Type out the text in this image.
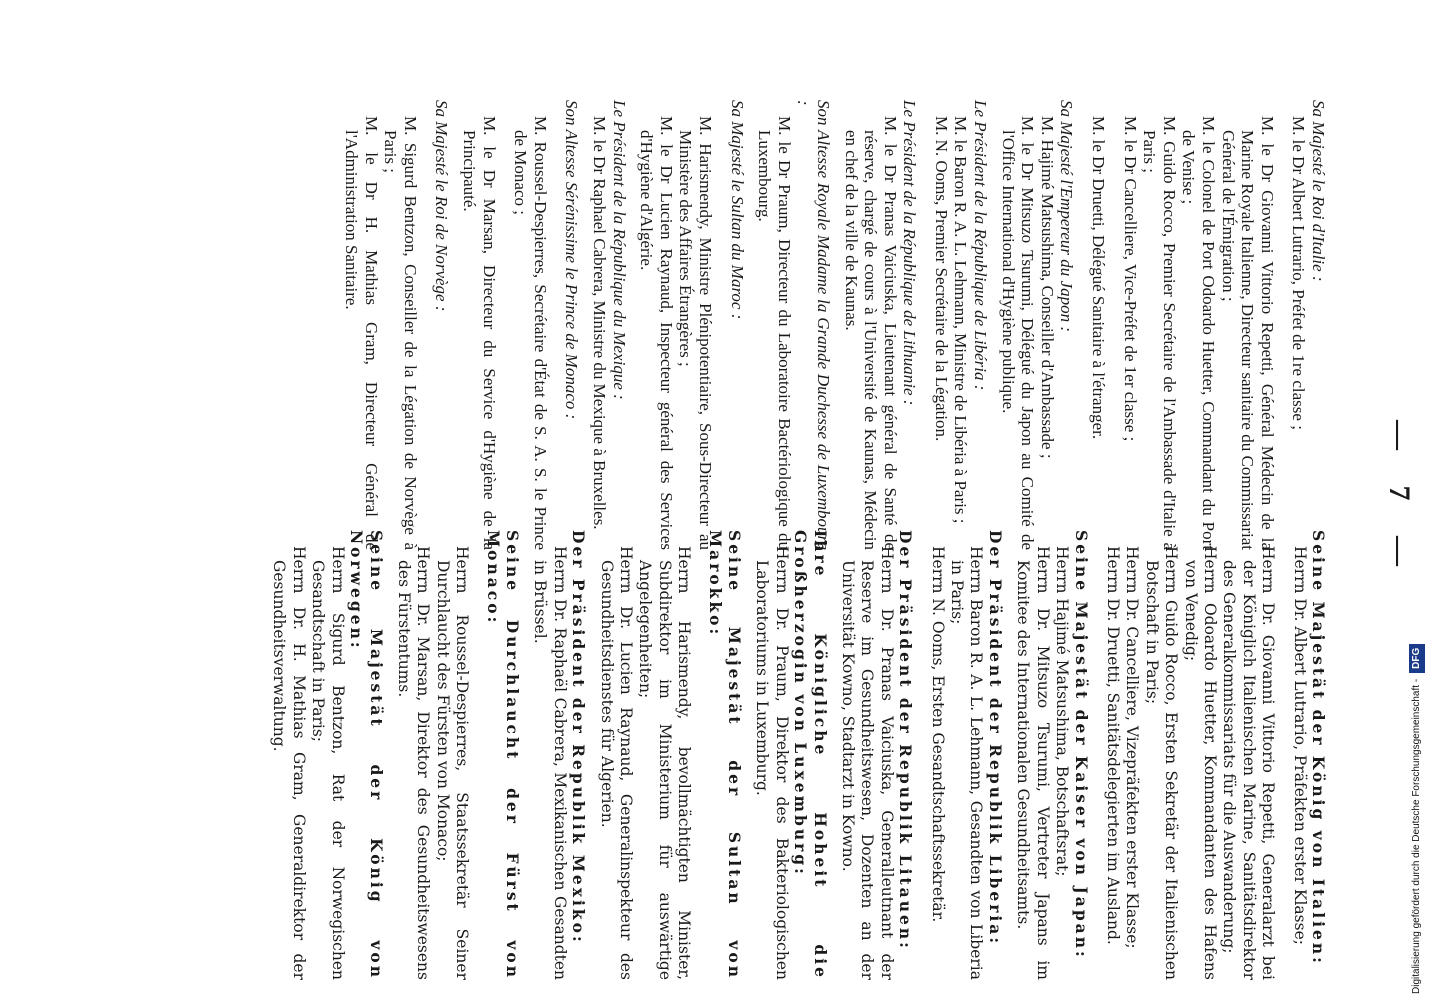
— 7 —

Sa Majesté le Roi d'Italie :

M. le Dr Albert Lutrario, Préfet de 1re classe ;

M. le Dr Giovanni Vittorio Repetti, Général Médecin de la Marine Royale Italienne, Directeur sanitaire du Commissariat Général de l'Émigration ;

M. le Colonel de Port Odoardo Huetter, Commandant du Port de Venise ;

M. Guido Rocco, Premier Secrétaire de l'Ambassade d'Italie à Paris ;

M. le Dr Cancelliere, Vice-Préfet de 1er classe ;

M. le Dr Druetti, Délégué Sanitaire à l'étranger.

Sa Majesté l'Empereur du Japon :

M. Hajimé Matsushima, Conseiller d'Ambassade ;

M. le Dr Mitsuzo Tsurumi, Délégué du Japon au Comité de l'Office International d'Hygiène publique.

Le Président de la République de Libéria :

M. le Baron R. A. L. Lehmann, Ministre de Libéria à Paris ;

M. N. Ooms, Premier Secrétaire de la Légation.

Le Président de la République de Lithuanie :

M. le Dr Pranas Vaiciuska, Lieutenant général de Santé de réserve, chargé de cours à l'Université de Kaunas, Médecin en chef de la ville de Kaunas.

Son Altesse Royale Madame la Grande Duchesse de Luxembourg :

M. le Dr Praum, Directeur du Laboratoire Bactériologique du Luxembourg.

Sa Majesté le Sultan du Maroc :

M. Harismendy, Ministre Plénipotentiaire, Sous-Directeur au Ministère des Affaires Étrangères ;

M. le Dr Lucien Raynaud, Inspecteur général des Services d'Hygiène d'Algérie.

Le Président de la République du Mexique :

M. le Dr Raphael Cabrera, Ministre du Mexique à Bruxelles.

Son Altesse Sérénissime le Prince de Monaco :

M. Roussel-Despierres, Secrétaire d'État de S. A. S. le Prince de Monaco ;

M. le Dr Marsan, Directeur du Service d'Hygiène de la Principauté.

Sa Majesté le Roi de Norvège :

M. Sigurd Bentzon, Conseiller de la Légation de Norvège à Paris ;

M. le Dr H. Mathias Gram, Directeur Général de l'Administration Sanitaire.

Seine Majestät der König von Italien:

Herrn Dr. Albert Lutrario, Präfekten erster Klasse;

Herrn Dr. Giovanni Vittorio Repetti, Generalarzt bei der Königlich Italienischen Marine, Sanitätsdirektor des Generalkommissariats für die Auswanderung;

Herrn Odoardo Huetter, Kommandanten des Hafens von Venedig;

Herrn Guido Rocco, Ersten Sekretär der Italienischen Botschaft in Paris;

Herrn Dr. Cancelliere, Vizepräfekten erster Klasse;

Herrn Dr. Druetti, Sanitätsdelegierten im Ausland.

Seine Majestät der Kaiser von Japan:

Herrn Hajimé Matsushima, Botschaftsrat;

Herrn Dr. Mitsuzo Tsurumi, Vertreter Japans im Komitee des Internationalen Gesundheitsamts.

Der Präsident der Republik Liberia:

Herrn Baron R. A. L. Lehmann, Gesandten von Liberia in Paris;

Herrn N. Ooms, Ersten Gesandtschaftssekretär.

Der Präsident der Republik Litauen:

Herrn Dr. Pranas Vaiciuska, Generalleutnant der Reserve im Gesundheitswesen, Dozenten an der Universität Kowno, Stadtarzt in Kowno.

Ihre Königliche Hoheit die Großherzogin von Luxemburg:

Herrn Dr. Praum, Direktor des Bakteriologischen Laboratoriums in Luxemburg.

Seine Majestät der Sultan von Marokko:

Herrn Harismendy, bevollmächtigten Minister, Subdirektor im Ministerium für auswärtige Angelegenheiten;

Herrn Dr. Lucien Raynaud, Generalinspekteur des Gesundheitsdienstes für Algerien.

Der Präsident der Republik Mexiko:

Herrn Dr. Raphaël Cabrera, Mexikanischen Gesandten in Brüssel.

Seine Durchlaucht der Fürst von Monaco:

Herrn Roussel-Despierres, Staatssekretär Seiner Durchlaucht des Fürsten von Monaco;

Herrn Dr. Marsan, Direktor des Gesundheitswesens des Fürstentums.

Seine Majestät der König von Norwegen:

Herrn Sigurd Bentzon, Rat der Norwegischen Gesandtschaft in Paris;

Herrn Dr. H. Mathias Gram, Generaldirektor der Gesundheitsverwaltung.

Digitalisierung gefördert durch die Deutsche Forschungsgemeinschaft -DFG
